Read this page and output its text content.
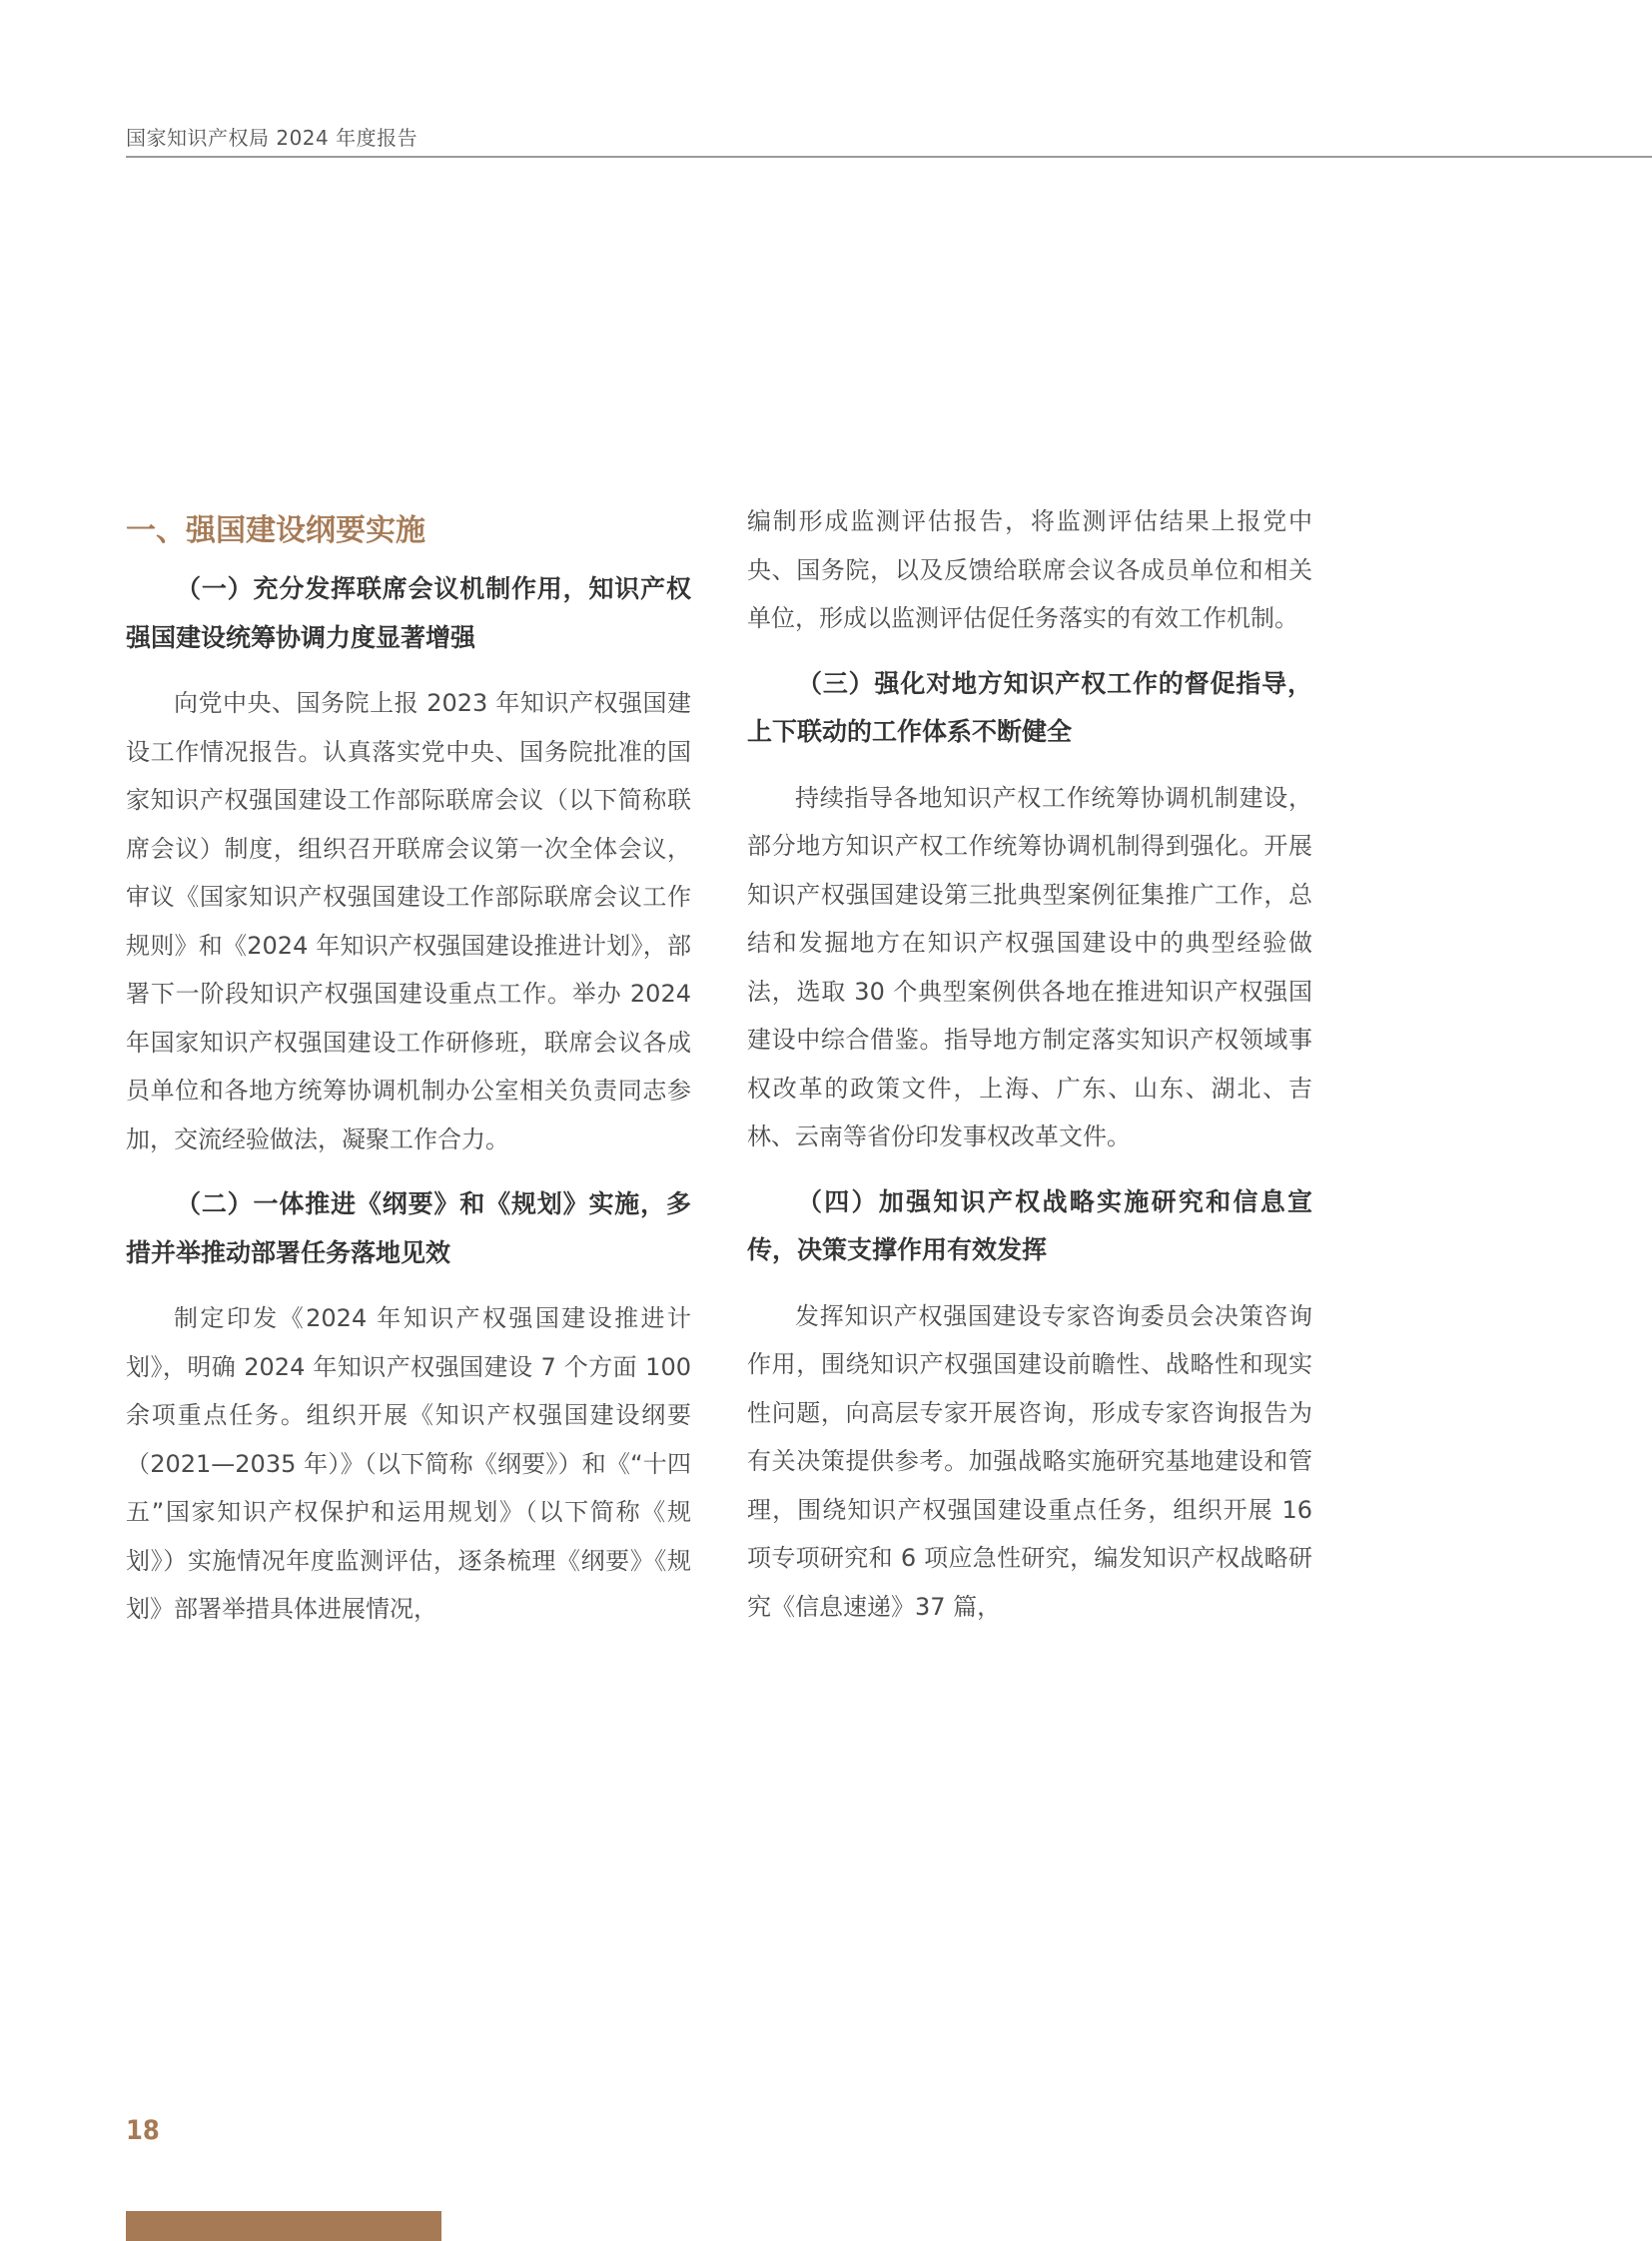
国家知识产权局 2024 年度报告
一、强国建设纲要实施
（一）充分发挥联席会议机制作用，知识产权强国建设统筹协调力度显著增强
向党中央、国务院上报 2023 年知识产权强国建设工作情况报告。认真落实党中央、国务院批准的国家知识产权强国建设工作部际联席会议（以下简称联席会议）制度，组织召开联席会议第一次全体会议，审议《国家知识产权强国建设工作部际联席会议工作规则》和《2024 年知识产权强国建设推进计划》，部署下一阶段知识产权强国建设重点工作。举办 2024 年国家知识产权强国建设工作研修班，联席会议各成员单位和各地方统筹协调机制办公室相关负责同志参加，交流经验做法，凝聚工作合力。
（二）一体推进《纲要》和《规划》实施，多措并举推动部署任务落地见效
制定印发《2024 年知识产权强国建设推进计划》，明确 2024 年知识产权强国建设 7 个方面 100 余项重点任务。组织开展《知识产权强国建设纲要（2021—2035 年）》（以下简称《纲要》）和《“十四五”国家知识产权保护和运用规划》（以下简称《规划》）实施情况年度监测评估，逐条梳理《纲要》《规划》部署举措具体进展情况，
编制形成监测评估报告，将监测评估结果上报党中央、国务院，以及反馈给联席会议各成员单位和相关单位，形成以监测评估促任务落实的有效工作机制。
（三）强化对地方知识产权工作的督促指导，上下联动的工作体系不断健全
持续指导各地知识产权工作统筹协调机制建设，部分地方知识产权工作统筹协调机制得到强化。开展知识产权强国建设第三批典型案例征集推广工作，总结和发掘地方在知识产权强国建设中的典型经验做法，选取 30 个典型案例供各地在推进知识产权强国建设中综合借鉴。指导地方制定落实知识产权领域事权改革的政策文件，上海、广东、山东、湖北、吉林、云南等省份印发事权改革文件。
（四）加强知识产权战略实施研究和信息宣传，决策支撑作用有效发挥
发挥知识产权强国建设专家咨询委员会决策咨询作用，围绕知识产权强国建设前瞻性、战略性和现实性问题，向高层专家开展咨询，形成专家咨询报告为有关决策提供参考。加强战略实施研究基地建设和管理，围绕知识产权强国建设重点任务，组织开展 16 项专项研究和 6 项应急性研究，编发知识产权战略研究《信息速递》37 篇，
18
